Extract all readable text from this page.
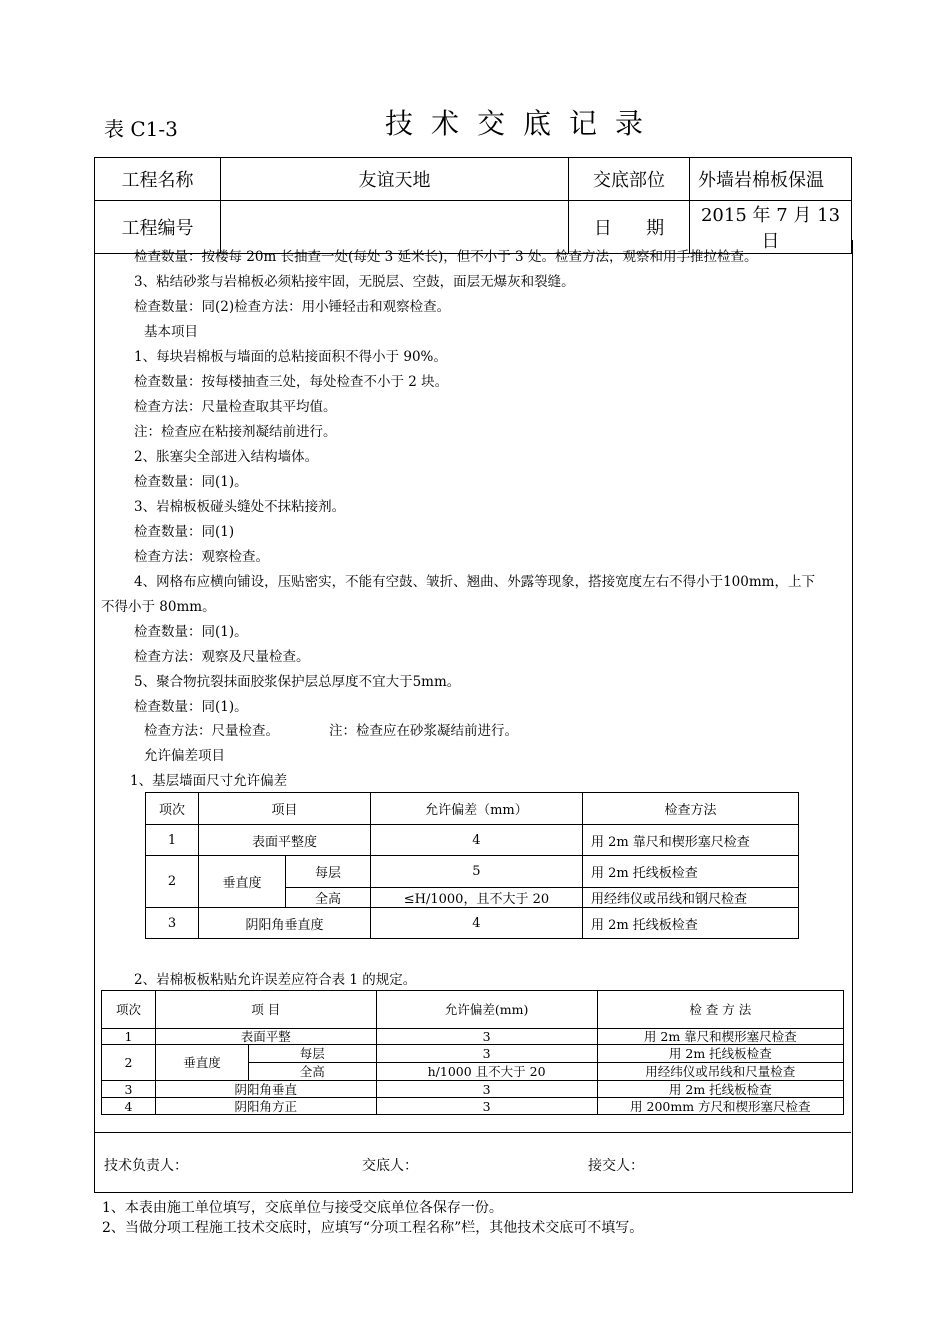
表 C1-3	技术交底记录
工程名称	友谊天地	交底部位	外墙岩棉板保温
工程编号		日      期	2015 年 7 月 13 日
检查数量：按楼每 20m 长抽查一处(每处 3 延米长)，但不小于 3 处。检查方法，观察和用手推拉检查。
3、粘结砂浆与岩棉板必须粘接牢固，无脱层、空鼓，面层无爆灰和裂缝。
检查数量：同(2)检查方法：用小锤轻击和观察检查。
基本项目
1、每块岩棉板与墙面的总粘接面积不得小于 90%。
检查数量：按每楼抽查三处，每处检查不小于 2 块。
检查方法：尺量检查取其平均值。
注：检查应在粘接剂凝结前进行。
2、胀塞尖全部进入结构墙体。
检查数量：同(1)。
3、岩棉板板碰头缝处不抹粘接剂。
检查数量：同(1)
检查方法：观察检查。
4、网格布应横向铺设，压贴密实，不能有空鼓、皱折、翘曲、外露等现象，搭接宽度左右不得小于100mm，上下
不得小于 80mm。
检查数量：同(1)。
检查方法：观察及尺量检查。
5、聚合物抗裂抹面胶浆保护层总厚度不宜大于5mm。
检查数量：同(1)。
检查方法：尺量检查。	注：检查应在砂浆凝结前进行。
允许偏差项目
1、基层墙面尺寸允许偏差
项次	项目		允许偏差（mm）	检查方法
1	表面平整度		4	用 2m 靠尺和楔形塞尺检查
2	垂直度	每层	5	用 2m 托线板检查
		全高	≤H/1000，且不大于 20	用经纬仪或吊线和钢尺检查
3	阴阳角垂直度		4	用 2m 托线板检查
2、岩棉板板粘贴允许误差应符合表 1 的规定。
项次	项 目		允许偏差(mm)	检 查 方 法
1	表面平整		3	用 2m 靠尺和楔形塞尺检查
2	垂直度	每层	3	用 2m 托线板检查
		全高	h/1000 且不大于 20	用经纬仪或吊线和尺量检查
3	阴阳角垂直		3	用 2m 托线板检查
4	阴阳角方正		3	用 200mm 方尺和楔形塞尺检查
技术负责人：	交底人：	接交人：
1、本表由施工单位填写，交底单位与接受交底单位各保存一份。
2、当做分项工程施工技术交底时，应填写“分项工程名称”栏，其他技术交底可不填写。
